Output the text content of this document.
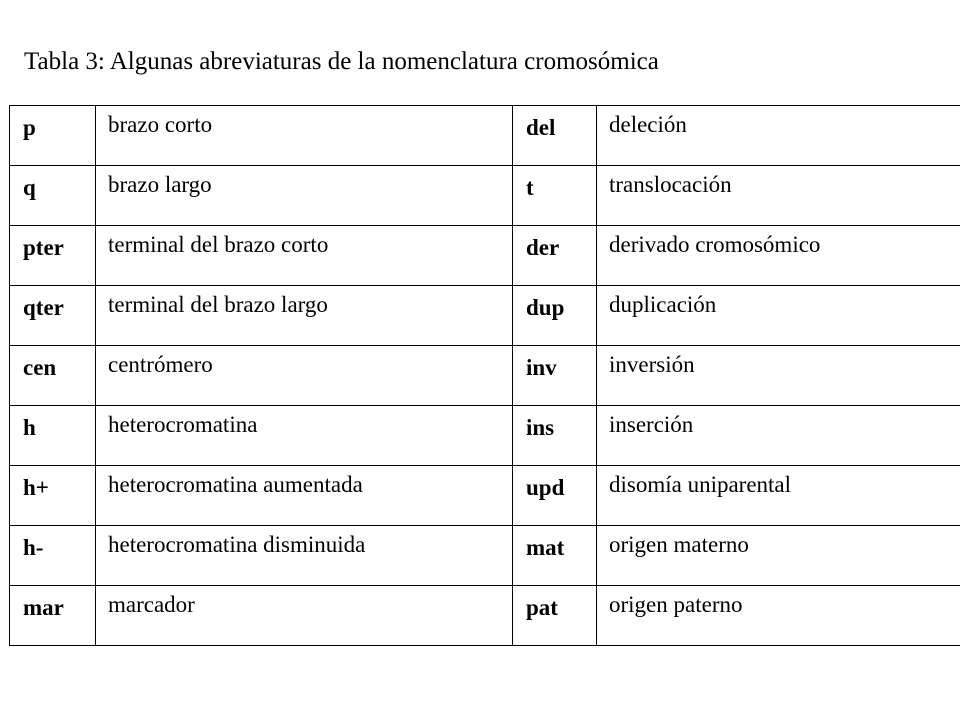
Tabla 3: Algunas abreviaturas de la nomenclatura cromosómica
p	brazo corto	del	deleción
q	brazo largo	t	translocación
pter	terminal del brazo corto	der	derivado cromosómico
qter	terminal del brazo largo	dup	duplicación
cen	centrómero	inv	inversión
h	heterocromatina	ins	inserción
h+	heterocromatina aumentada	upd	disomía uniparental
h-	heterocromatina disminuida	mat	origen materno
mar	marcador	pat	origen paterno
